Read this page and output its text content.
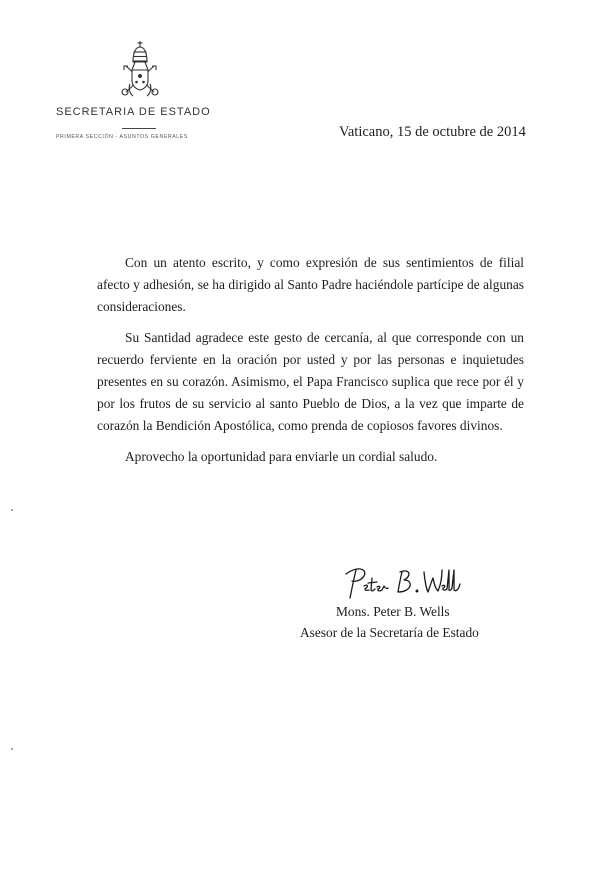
SECRETARIA DE ESTADO
PRIMERA SECCIÓN - ASUNTOS GENERALES	Vaticano, 15 de octubre de 2014

Con un atento escrito, y como expresión de sus sentimientos de filial afecto y adhesión, se ha dirigido al Santo Padre haciéndole partícipe de algunas consideraciones.

Su Santidad agradece este gesto de cercanía, al que corresponde con un recuerdo ferviente en la oración por usted y por las personas e inquietudes presentes en su corazón. Asimismo, el Papa Francisco suplica que rece por él y por los frutos de su servicio al santo Pueblo de Dios, a la vez que imparte de corazón la Bendición Apostólica, como prenda de copiosos favores divinos.

Aprovecho la oportunidad para enviarle un cordial saludo.

Mons. Peter B. Wells
Asesor de la Secretaría de Estado
